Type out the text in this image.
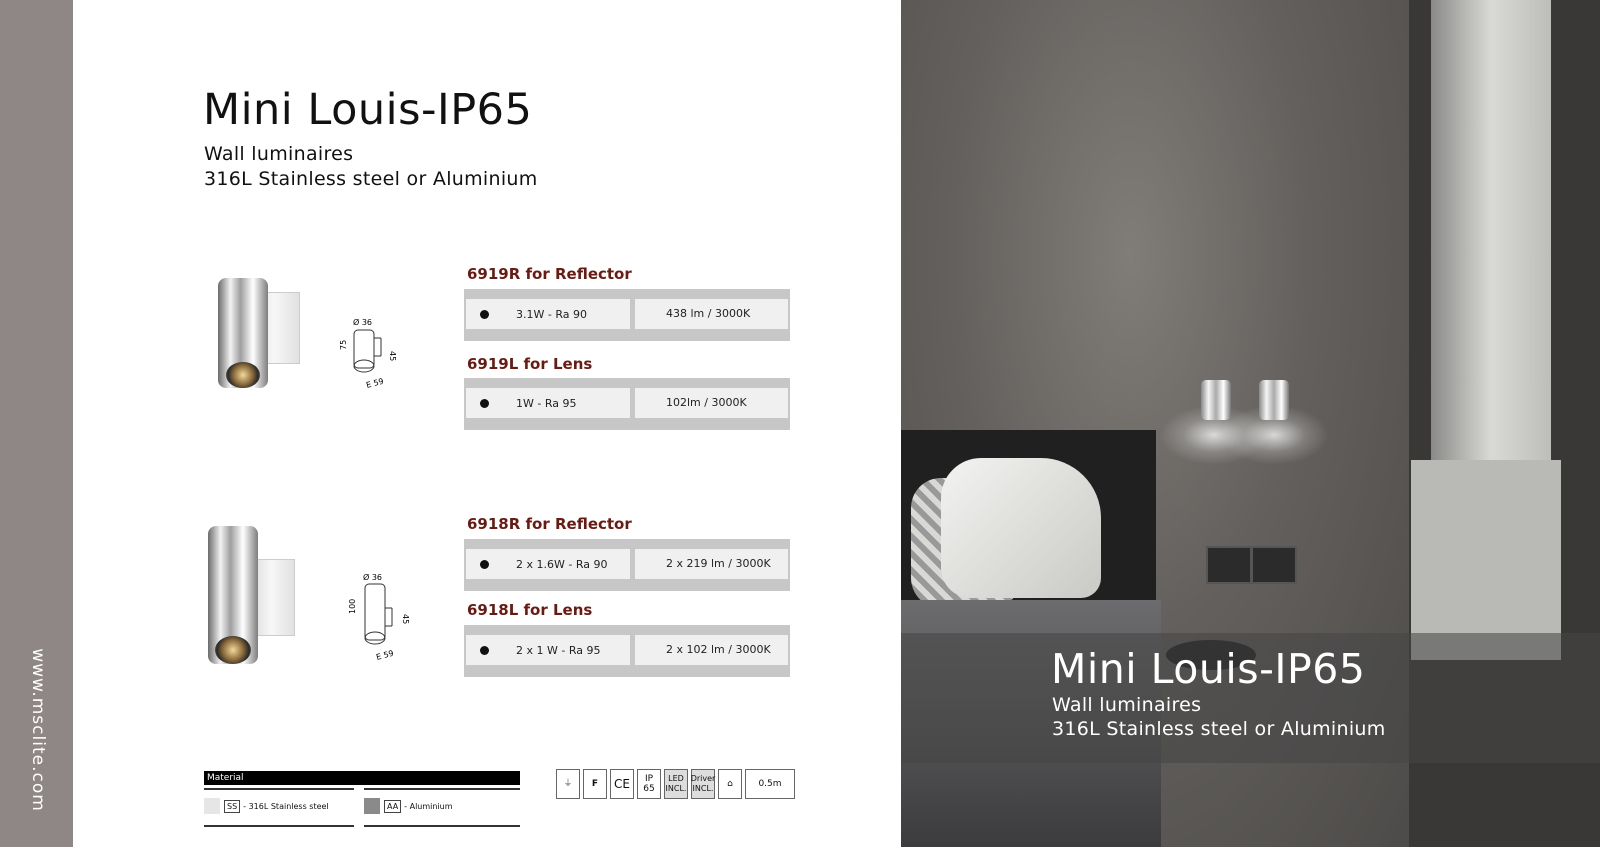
www.msclite.com
Mini Louis-IP65
Wall luminaires
316L Stainless steel or Aluminium
Ø 36
75
45
E 59
6919R for Reflector
3.1W - Ra 90	438 lm / 3000K
6919L for Lens
1W - Ra 95	102lm / 3000K
Ø 36
100
45
E 59
6918R for Reflector
2 x 1.6W - Ra 90	2 x 219 lm / 3000K
6918L for Lens
2 x 1 W - Ra 95	2 x 102 lm / 3000K
Material
SS - 316L Stainless steel	AA - Aluminium
⏚	F	CE	IP
65
LED
INCL.
Driver
INCL.	⌂	0.5m
Mini Louis-IP65
Wall luminaires
316L Stainless steel or Aluminium
